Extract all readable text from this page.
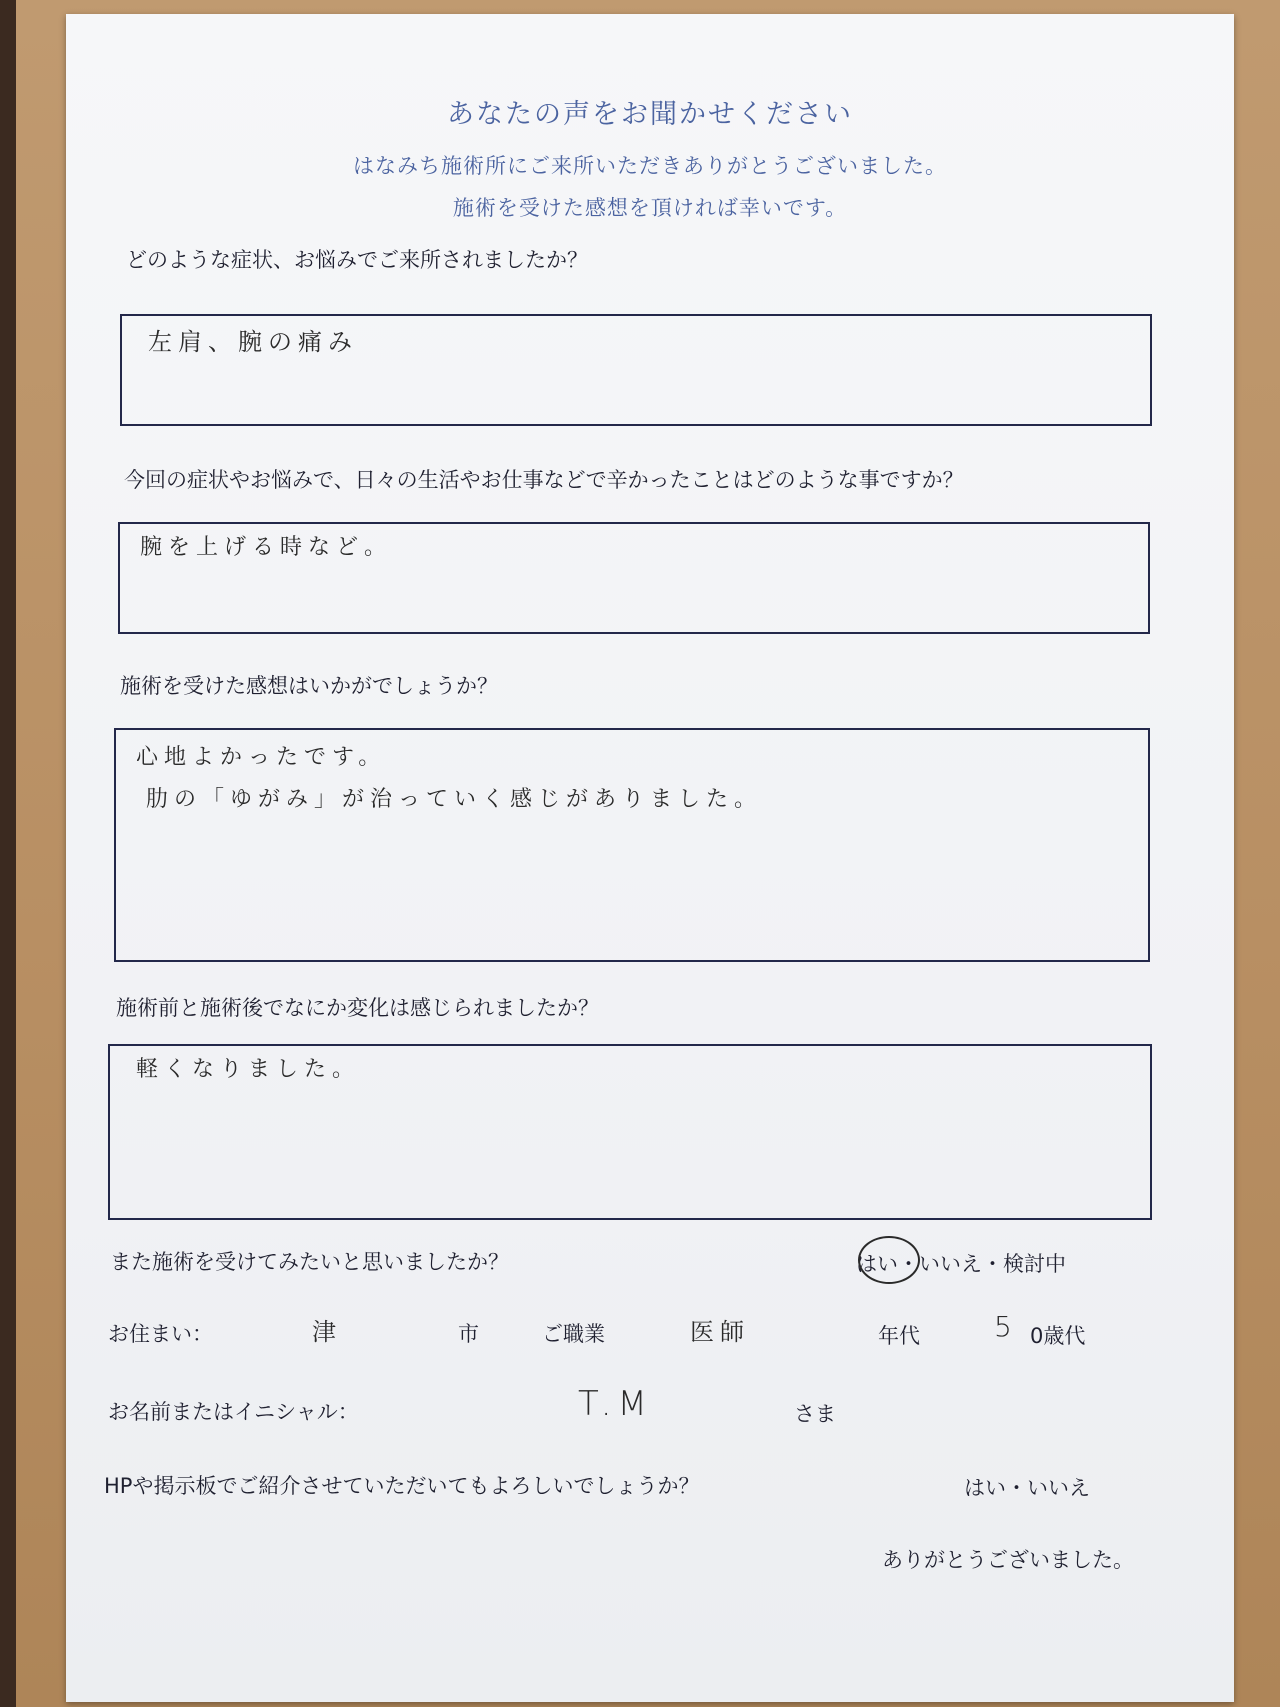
あなたの声をお聞かせください
はなみち施術所にご来所いただきありがとうございました。
施術を受けた感想を頂ければ幸いです。
どのような症状、お悩みでご来所されましたか？
左肩、腕の痛み
今回の症状やお悩みで、日々の生活やお仕事などで辛かったことはどのような事ですか？
腕を上げる時など。
施術を受けた感想はいかがでしょうか？
心地よかったです。
肋の「ゆがみ」が治っていく感じがありました。
施術前と施術後でなにか変化は感じられましたか？
軽くなりました。
また施術を受けてみたいと思いましたか？	はい・いいえ・検討中
お住まい：	津	市	ご職業	医師	年代	5 0歳代
お名前またはイニシャル：	T.M	さま
HPや掲示板でご紹介させていただいてもよろしいでしょうか？	はい・いいえ
ありがとうございました。
